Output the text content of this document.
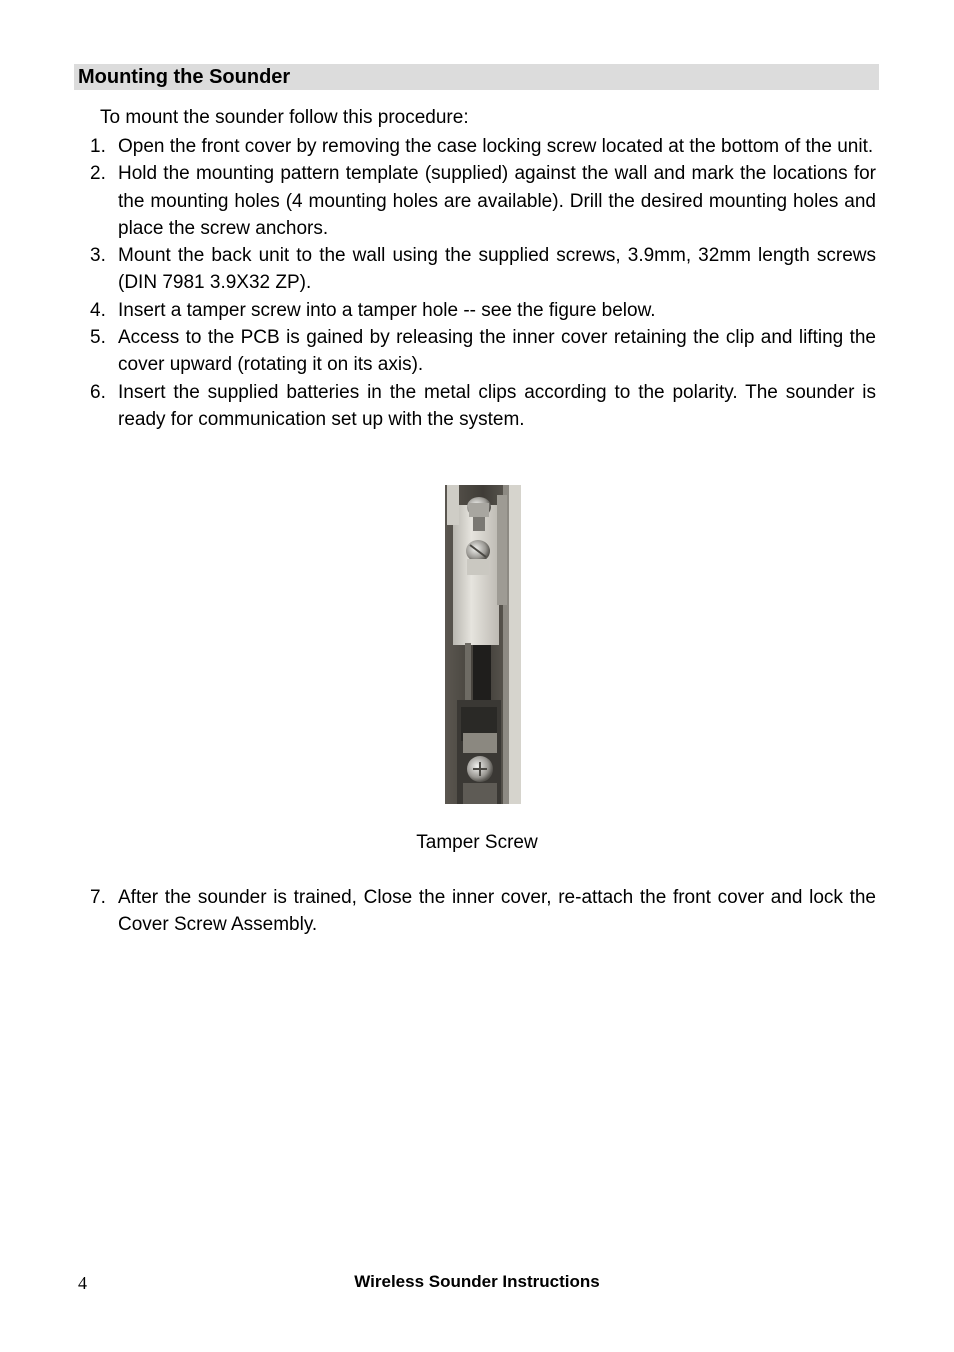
Mounting the Sounder
To mount the sounder follow this procedure:
1. Open the front cover by removing the case locking screw located at the bottom of the unit.
2. Hold the mounting pattern template (supplied) against the wall and mark the locations for the mounting holes (4 mounting holes are available). Drill the desired mounting holes and place the screw anchors.
3. Mount the back unit to the wall using the supplied screws, 3.9mm, 32mm length screws (DIN 7981 3.9X32 ZP).
4. Insert a tamper screw into a tamper hole -- see the figure below.
5. Access to the PCB is gained by releasing the inner cover retaining the clip and lifting the cover upward (rotating it on its axis).
6. Insert the supplied batteries in the metal clips according to the polarity. The sounder is ready for communication set up with the system.
Tamper Screw
7. After the sounder is trained, Close the inner cover, re-attach the front cover and lock the Cover Screw Assembly.
4	Wireless Sounder Instructions
